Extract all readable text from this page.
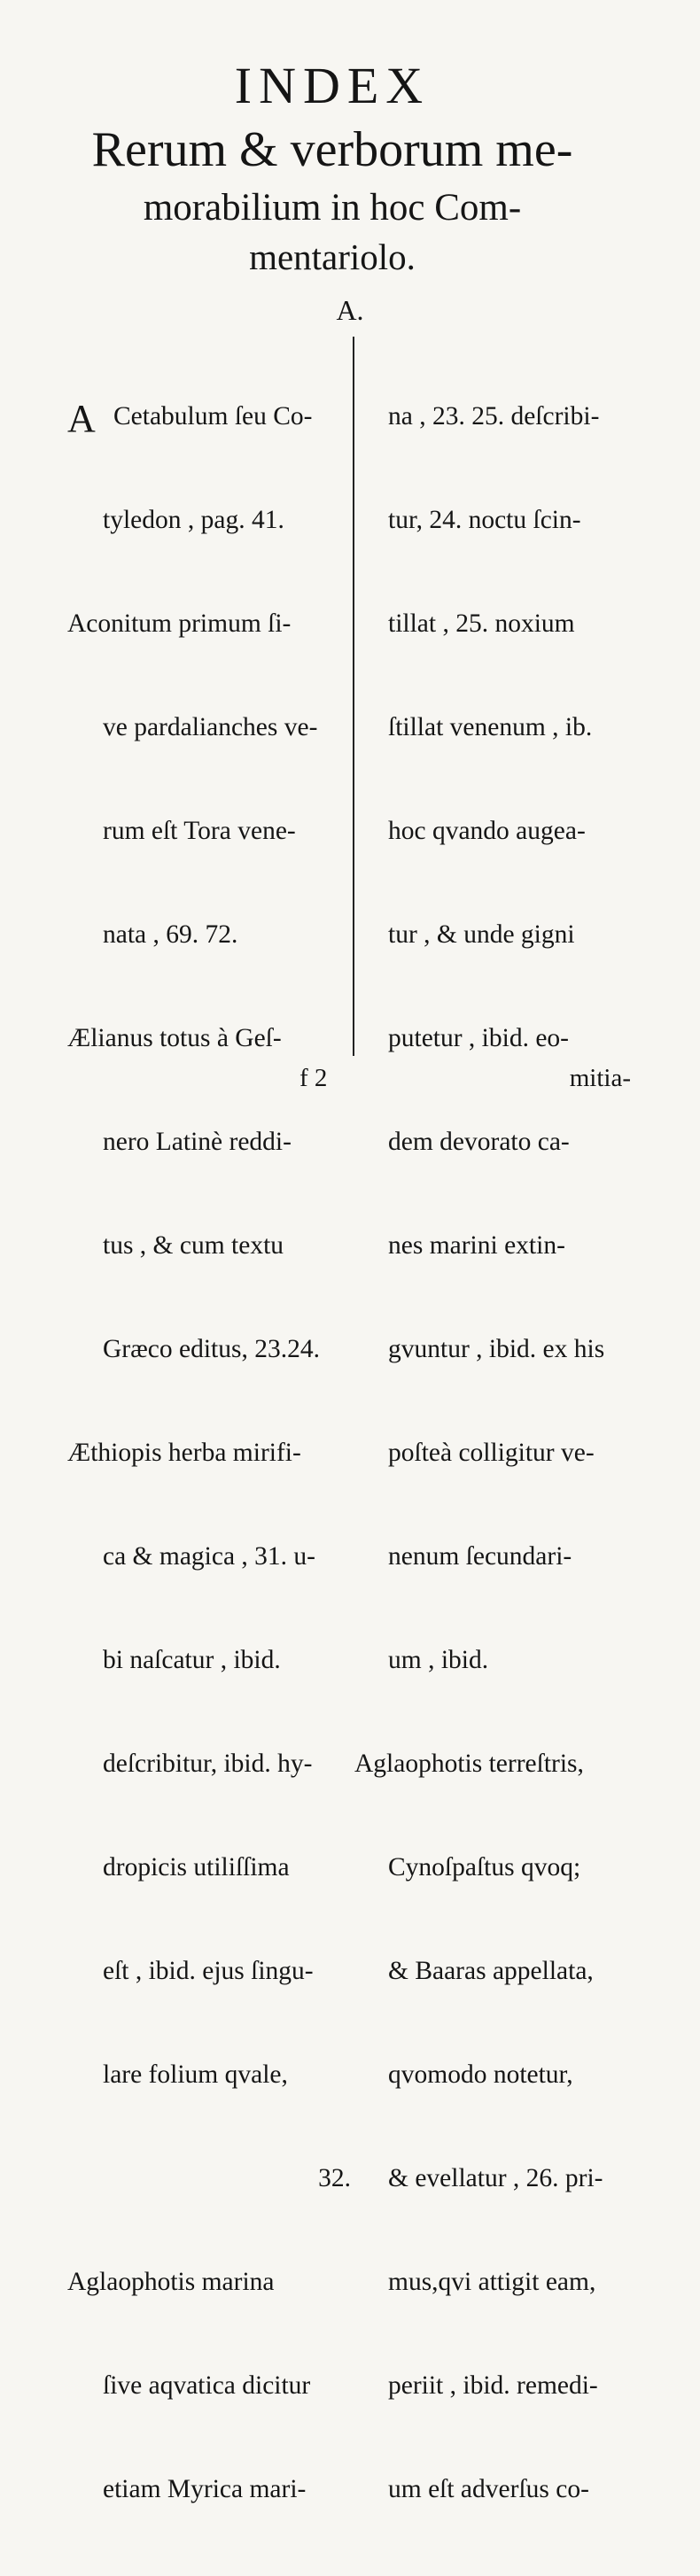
INDEX
Rerum & verborum me-
morabilium in hoc Com-
mentariolo.
A.

A Cetabulum ſeu Co-

tyledon , pag. 41.

Aconitum primum ſi-

ve pardalianches ve-

rum eſt Tora vene-

nata , 69. 72.

Ælianus totus à Geſ-

nero Latinè reddi-

tus , & cum textu

Græco editus, 23.24.

Æthiopis herba mirifi-

ca & magica , 31. u-

bi naſcatur , ibid.

deſcribitur, ibid. hy-

dropicis utiliſſima

eſt , ibid. ejus ſingu-

lare folium qvale,

32.

Aglaophotis marina

ſive aqvatica dicitur

etiam Myrica mari-

na , 23. 25. deſcribi-

tur, 24. noctu ſcin-

tillat , 25. noxium

ſtillat venenum , ib.

hoc qvando augea-

tur , & unde gigni

putetur , ibid. eo-

dem devorato ca-

nes marini extin-

gvuntur , ibid. ex his

poſteà colligitur ve-

nenum ſecundari-

um , ibid.

Aglaophotis terreſtris,

Cynoſpaſtus qvoq;

& Baaras appellata,

qvomodo notetur,

& evellatur , 26. pri-

mus,qvi attigit eam,

periit , ibid. remedi-

um eſt adverſus co-

f 2	mitia-
